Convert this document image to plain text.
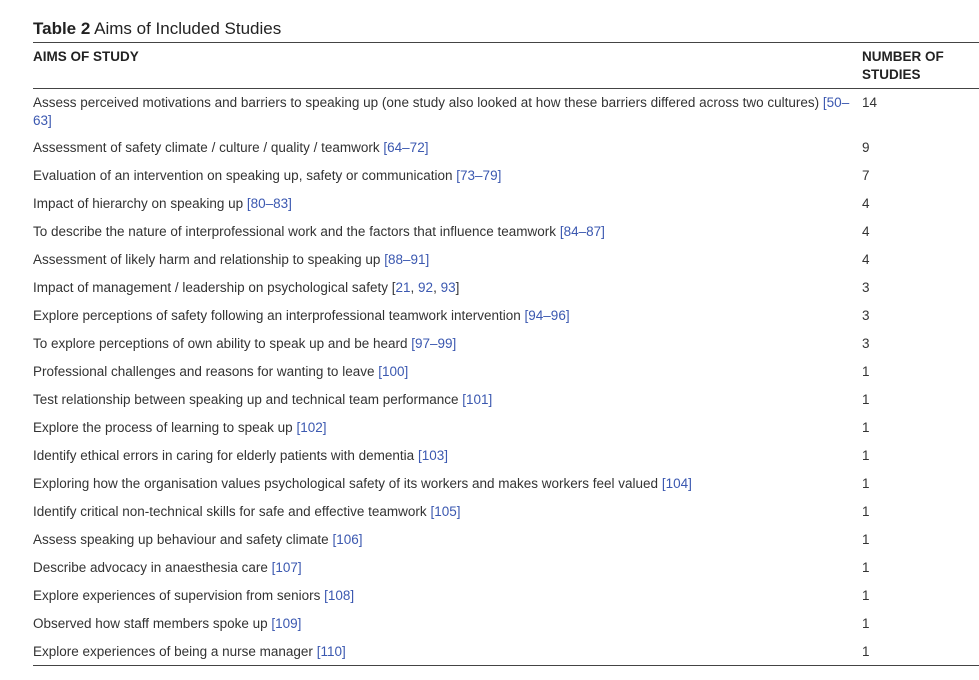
Table 2 Aims of Included Studies
AIMS OF STUDY	NUMBER OF STUDIES
Assess perceived motivations and barriers to speaking up (one study also looked at how these barriers differed across two cultures) [50–63]	14
Assessment of safety climate / culture / quality / teamwork [64–72]	9
Evaluation of an intervention on speaking up, safety or communication [73–79]	7
Impact of hierarchy on speaking up [80–83]	4
To describe the nature of interprofessional work and the factors that influence teamwork [84–87]	4
Assessment of likely harm and relationship to speaking up [88–91]	4
Impact of management / leadership on psychological safety [21, 92, 93]	3
Explore perceptions of safety following an interprofessional teamwork intervention [94–96]	3
To explore perceptions of own ability to speak up and be heard [97–99]	3
Professional challenges and reasons for wanting to leave [100]	1
Test relationship between speaking up and technical team performance [101]	1
Explore the process of learning to speak up [102]	1
Identify ethical errors in caring for elderly patients with dementia [103]	1
Exploring how the organisation values psychological safety of its workers and makes workers feel valued [104]	1
Identify critical non-technical skills for safe and effective teamwork [105]	1
Assess speaking up behaviour and safety climate [106]	1
Describe advocacy in anaesthesia care [107]	1
Explore experiences of supervision from seniors [108]	1
Observed how staff members spoke up [109]	1
Explore experiences of being a nurse manager [110]	1
